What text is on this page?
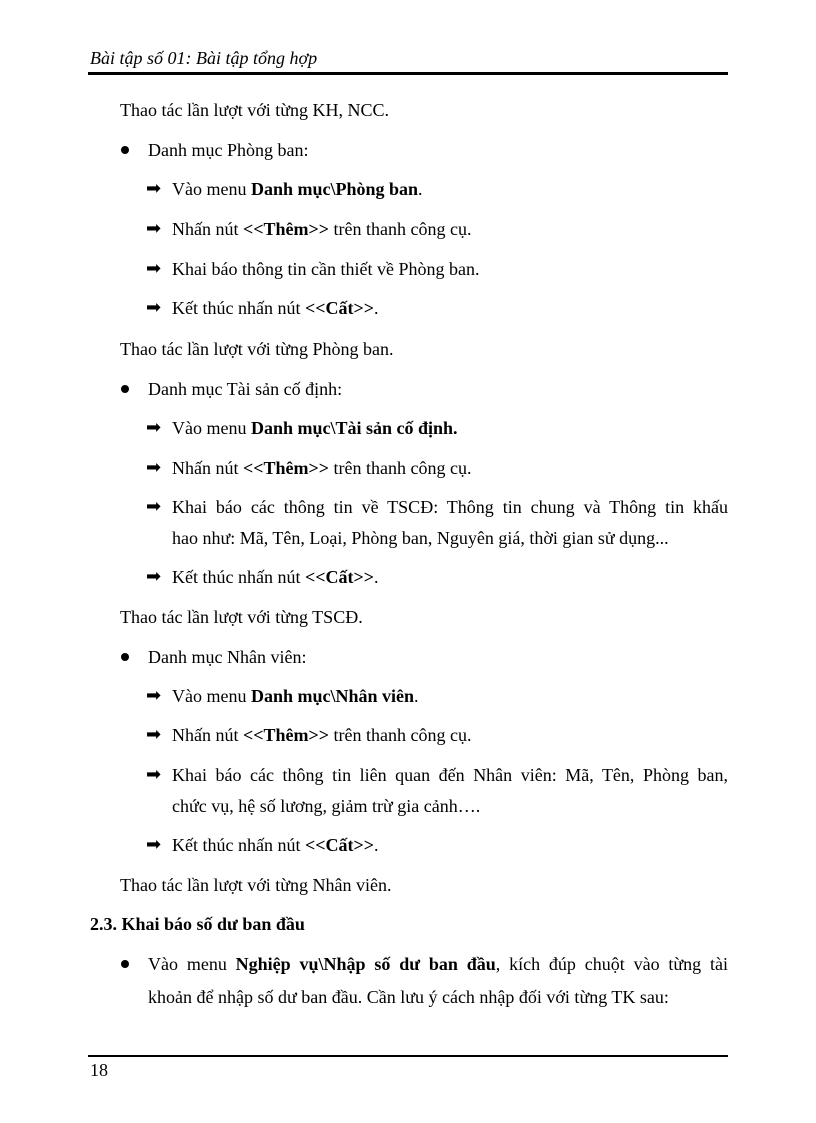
Bài tập số 01: Bài tập tổng hợp
Thao tác lần lượt với từng KH, NCC.
Danh mục Phòng ban:
➡ Vào menu Danh mục\Phòng ban.
➡ Nhấn nút <<Thêm>> trên thanh công cụ.
➡ Khai báo thông tin cần thiết về Phòng ban.
➡ Kết thúc nhấn nút <<Cất>>.
Thao tác lần lượt với từng Phòng ban.
Danh mục Tài sản cố định:
➡ Vào menu Danh mục\Tài sản cố định.
➡ Nhấn nút <<Thêm>> trên thanh công cụ.
➡ Khai báo các thông tin về TSCĐ: Thông tin chung và Thông tin khấu
hao như: Mã, Tên, Loại, Phòng ban, Nguyên giá, thời gian sử dụng...
➡ Kết thúc nhấn nút <<Cất>>.
Thao tác lần lượt với từng TSCĐ.
Danh mục Nhân viên:
➡ Vào menu Danh mục\Nhân viên.
➡ Nhấn nút <<Thêm>> trên thanh công cụ.
➡ Khai báo các thông tin liên quan đến Nhân viên: Mã, Tên, Phòng ban,
chức vụ, hệ số lương, giảm trừ gia cảnh….
➡ Kết thúc nhấn nút <<Cất>>.
Thao tác lần lượt với từng Nhân viên.
2.3. Khai báo số dư ban đầu
Vào menu Nghiệp vụ\Nhập số dư ban đầu, kích đúp chuột vào từng tài
khoản để nhập số dư ban đầu. Cần lưu ý cách nhập đối với từng TK sau:
18
